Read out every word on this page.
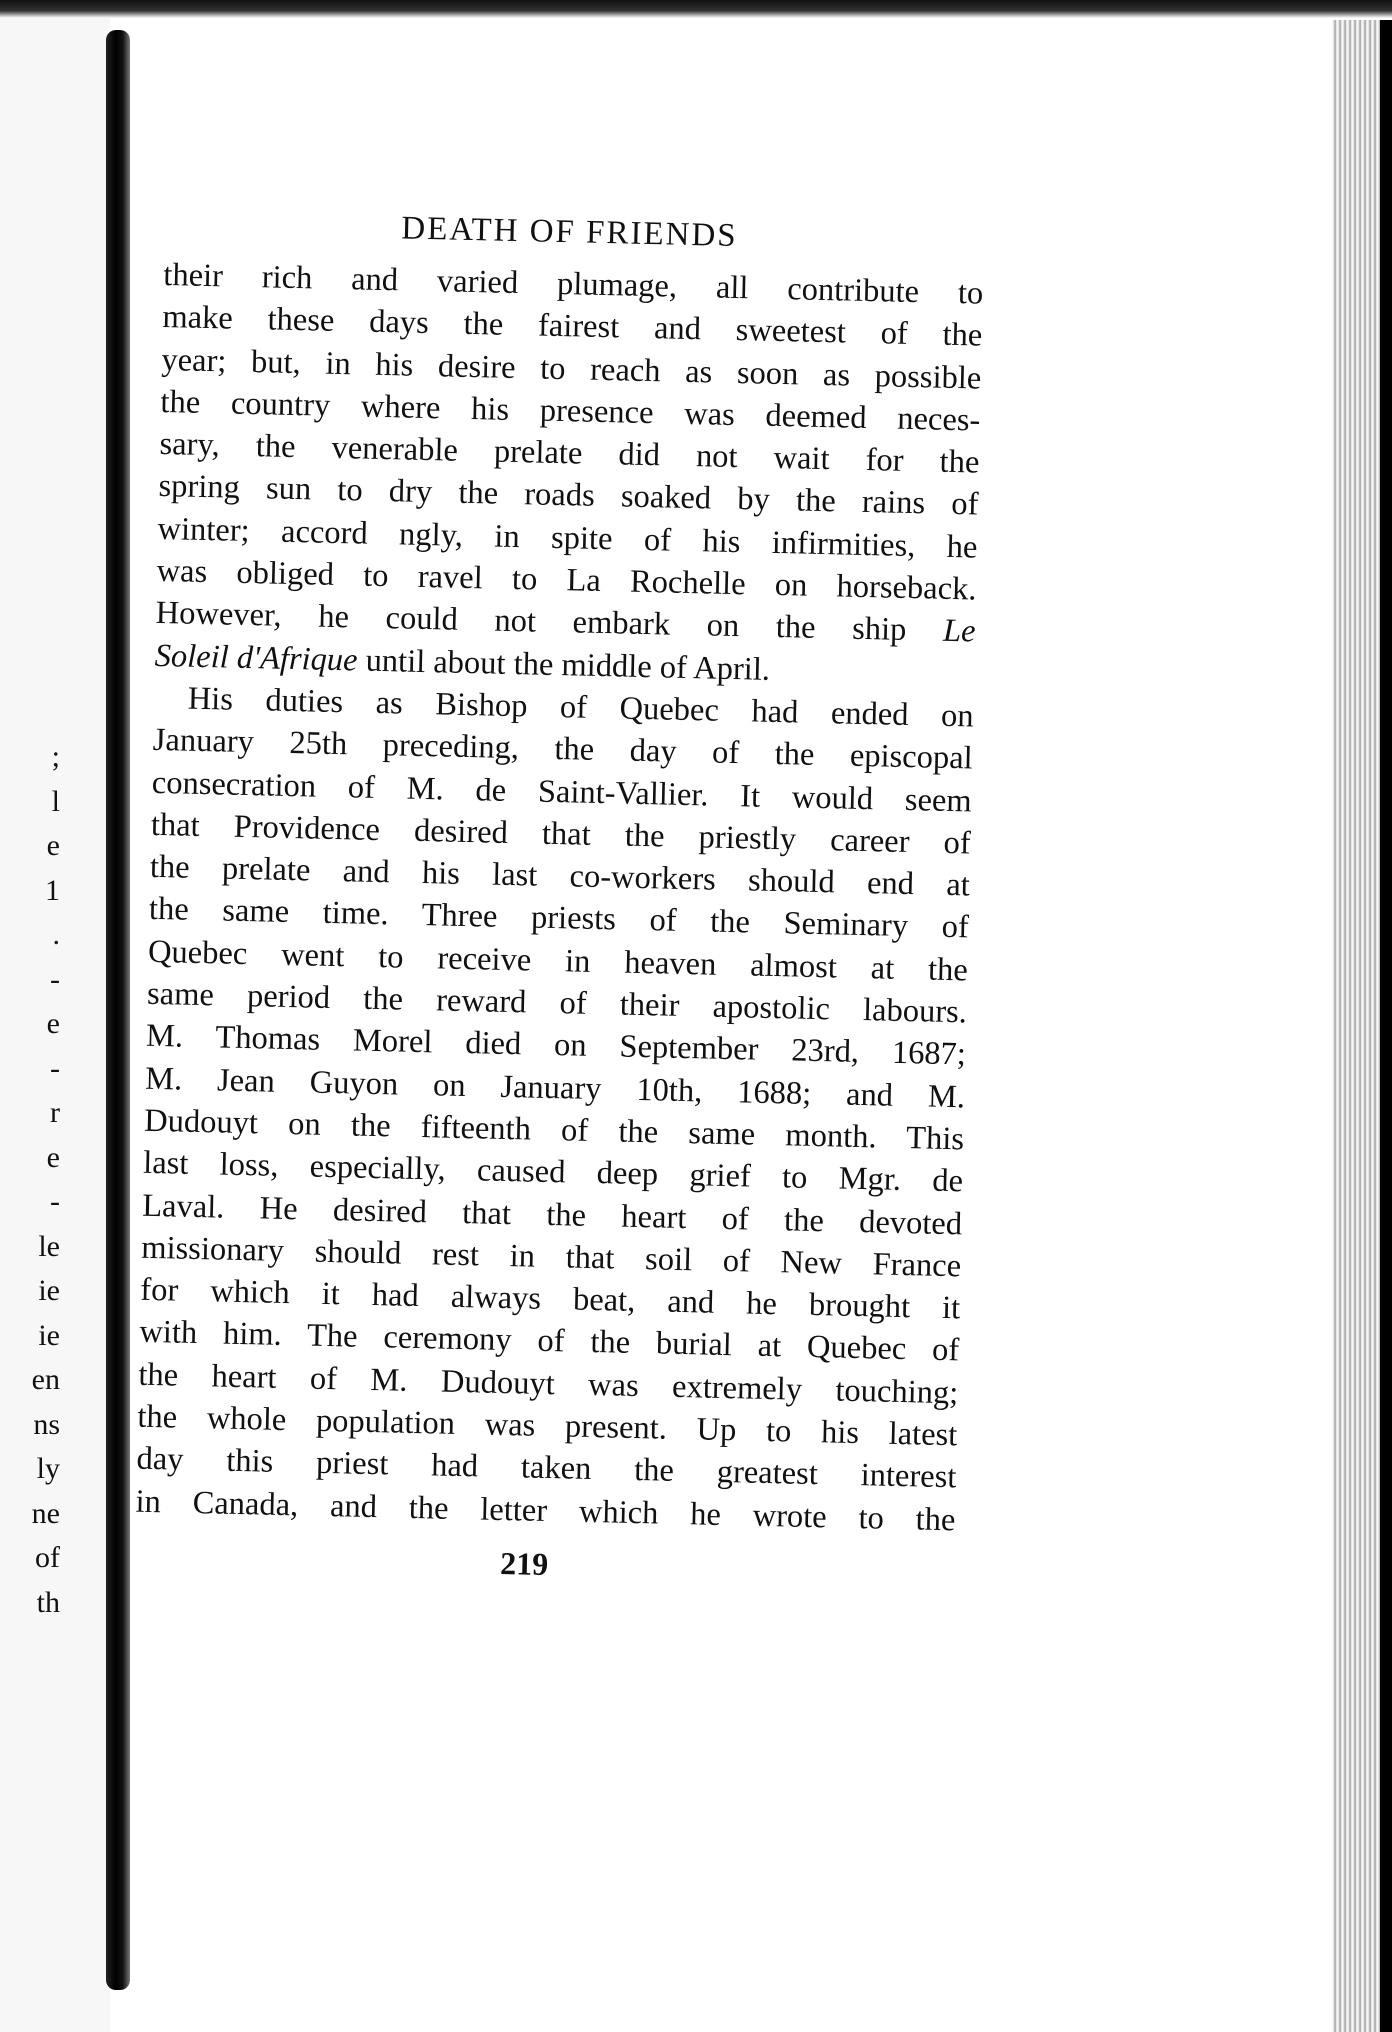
;
l
e
1
.
-
e
-
r
e
-
le
ie
ie
en
ns
ly
ne
of
th
DEATH OF FRIENDS
their rich and varied plumage, all contribute to
make these days the fairest and sweetest of the
year; but, in his desire to reach as soon as possible
the country where his presence was deemed neces-
sary, the venerable prelate did not wait for the
spring sun to dry the roads soaked by the rains of
winter; accord ngly, in spite of his infirmities, he
was obliged to ravel to La Rochelle on horseback.
However, he could not embark on the ship Le
Soleil d'Afrique until about the middle of April.
His duties as Bishop of Quebec had ended on
January 25th preceding, the day of the episcopal
consecration of M. de Saint-Vallier. It would seem
that Providence desired that the priestly career of
the prelate and his last co-workers should end at
the same time. Three priests of the Seminary of
Quebec went to receive in heaven almost at the
same period the reward of their apostolic labours.
M. Thomas Morel died on September 23rd, 1687;
M. Jean Guyon on January 10th, 1688; and M.
Dudouyt on the fifteenth of the same month. This
last loss, especially, caused deep grief to Mgr. de
Laval. He desired that the heart of the devoted
missionary should rest in that soil of New France
for which it had always beat, and he brought it
with him. The ceremony of the burial at Quebec of
the heart of M. Dudouyt was extremely touching;
the whole population was present. Up to his latest
day this priest had taken the greatest interest
in Canada, and the letter which he wrote to the
219
